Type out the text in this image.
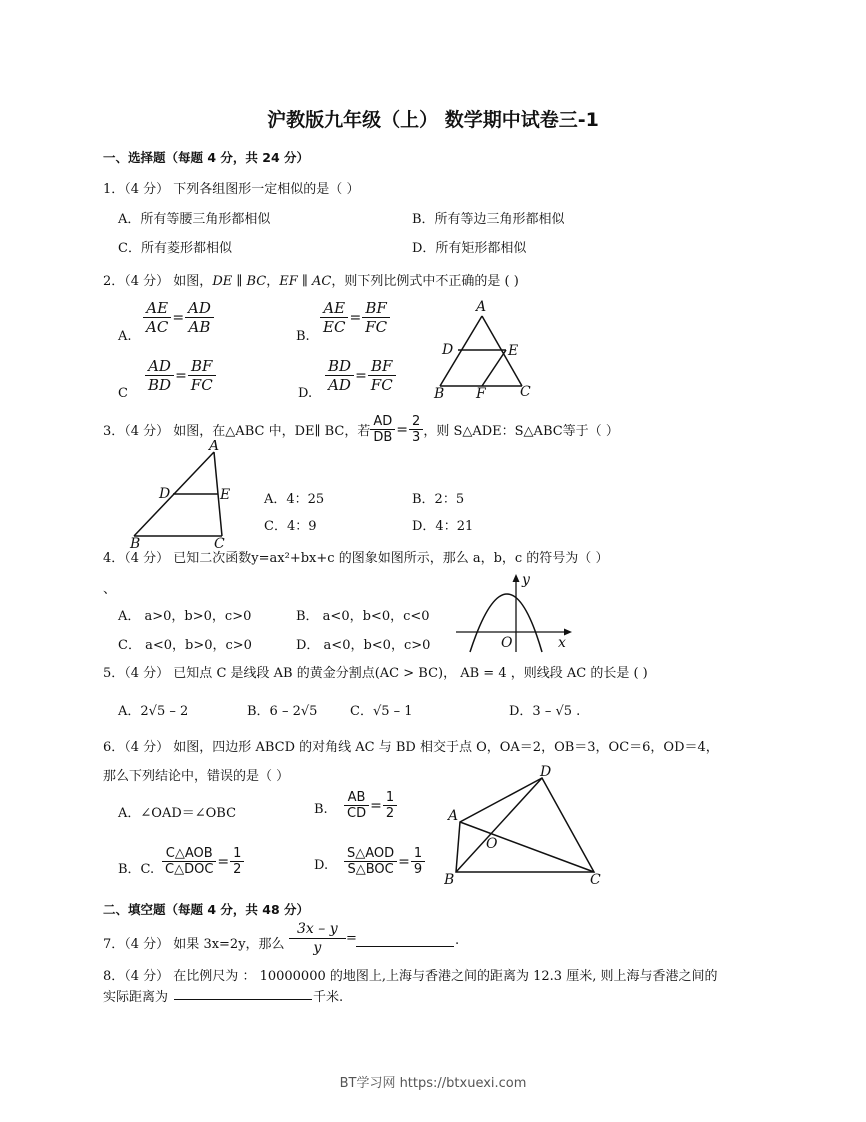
沪教版九年级（上） 数学期中试卷三-1
一、选择题（每题 4 分，共 24 分）
1．（4 分） 下列各组图形一定相似的是（ ）
A．所有等腰三角形都相似	B．所有等边三角形都相似
C．所有菱形都相似	D．所有矩形都相似
2．（4 分） 如图，DE ∥ BC，EF ∥ AC，则下列比例式中不正确的是 ( )
A.
$\frac{AE}{AC} = \frac{AD}{AB}$
B.
$\frac{AE}{EC} = \frac{BF}{FC}$
C $\frac{AD}{BD} = \frac{BF}{FC}$	D. $\frac{BD}{AD} = \frac{BF}{FC}$
A
D	E
B F C
3．（4 分） 如图，在△ABC 中，DE∥ BC，若 $\frac{AD}{DB} = \frac{2}{3}$ ，则 S△ADE：S△ABC等于（ ）
A
D	E
B	C
A．4：25	B．2：5
C．4：9	D．4：21
4．（4 分） 已知二次函数y=ax²+bx+c 的图象如图所示，那么 a，b，c 的符号为（ ）
、
A． a>0，b>0，c>0	B． a<0，b<0，c<0
C． a<0，b>0，c>0	D． a<0，b<0，c>0
y
x
O
5．（4 分） 已知点 C 是线段 AB 的黄金分割点(AC > BC)， AB = 4 ，则线段 AC 的长是 ( )
A．2√5 – 2	B．6 – 2√5	C．√5 – 1	D．3 – √5 .
6．（4 分） 如图，四边形 ABCD 的对角线 AC 与 BD 相交于点 O，OA＝2，OB＝3，OC＝6，OD＝4，
那么下列结论中，错误的是（ ）
A．∠OAD＝∠OBC	B. $\frac{AB}{CD} = \frac{1}{2}$
B．C. $\frac{\text{C△AOB}}{\text{C△DOC}} = \frac{1}{2}$	D. $\frac{\text{S△AOD}}{\text{S△BOC}} = \frac{1}{9}$
D
A
O
B	C
二、填空题（每题 4 分，共 48 分）
7．（4 分） 如果 3x=2y，那么 $\frac{3x - y}{y}$ =	.
8．（4 分） 在比例尺为 ： 10000000 的地图上,上海与香港之间的距离为 12.3 厘米, 则上海与香港之间的
实际距离为	千米.
BT学习网 https://btxuexi.com
